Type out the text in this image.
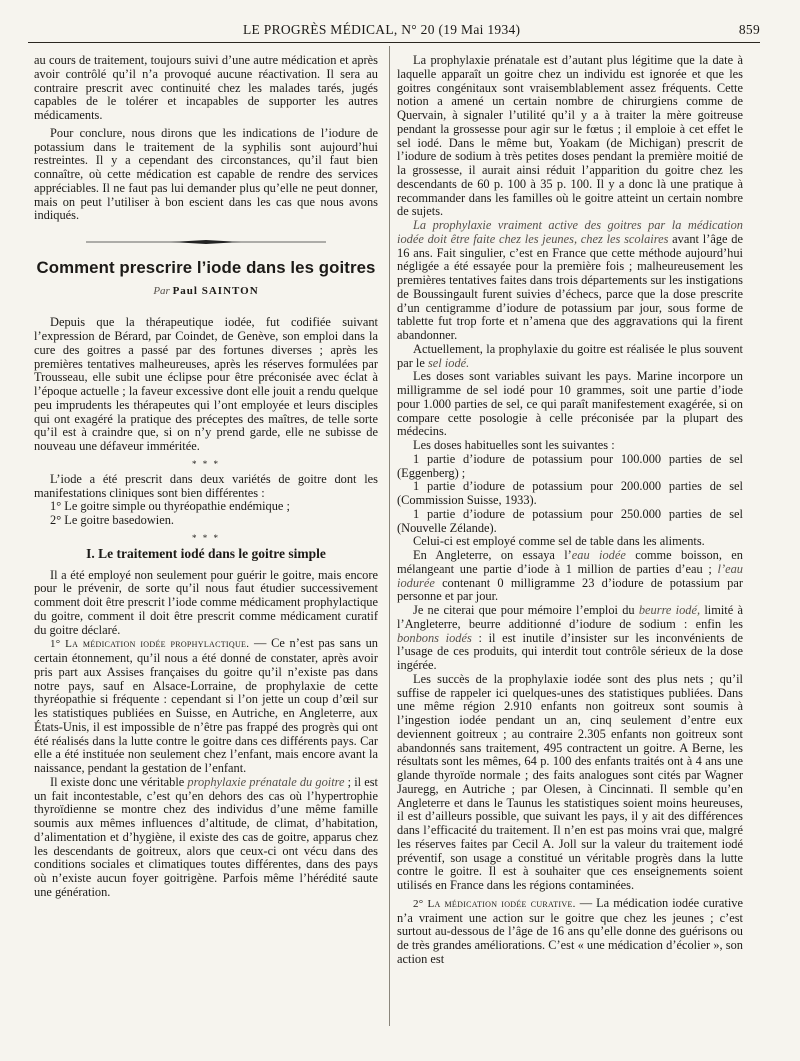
LE PROGRÈS MÉDICAL, N° 20 (19 Mai 1934)	859

au cours de traitement, toujours suivi d’une autre médication et après avoir contrôlé qu’il n’a provoqué aucune réactivation. Il sera au contraire prescrit avec continuité chez les malades tarés, jugés capables de le tolérer et incapables de supporter les autres médicaments.

Pour conclure, nous dirons que les indications de l’iodure de potassium dans le traitement de la syphilis sont aujourd’hui restreintes. Il y a cependant des circonstances, qu’il faut bien connaître, où cette médication est capable de rendre des services appréciables. Il ne faut pas lui demander plus qu’elle ne peut donner, mais on peut l’utiliser à bon escient dans les cas que nous avons indiqués.

Comment prescrire l’iode dans les goitres
Par Paul SAINTON

Depuis que la thérapeutique iodée, fut codifiée suivant l’expression de Bérard, par Coindet, de Genève, son emploi dans la cure des goitres a passé par des fortunes diverses ; après les premières tentatives malheureuses, après les réserves formulées par Trousseau, elle subit une éclipse pour être préconisée avec éclat à l’époque actuelle ; la faveur excessive dont elle jouit a rendu quelque peu imprudents les thérapeutes qui l’ont employée et leurs disciples qui ont exagéré la pratique des préceptes des maîtres, de telle sorte qu’il est à craindre que, si on n’y prend garde, elle ne subisse de nouveau une défaveur imméritée.

* * *

L’iode a été prescrit dans deux variétés de goitre dont les manifestations cliniques sont bien différentes :

1° Le goitre simple ou thyréopathie endémique ;

2° Le goitre basedowien.

* * *
I. Le traitement iodé dans le goitre simple

Il a été employé non seulement pour guérir le goitre, mais encore pour le prévenir, de sorte qu’il nous faut étudier successivement comment doit être prescrit l’iode comme médicament prophylactique du goitre, comment il doit être prescrit comme médicament curatif du goitre déclaré.

1° La médication iodée prophylactique. — Ce n’est pas sans un certain étonnement, qu’il nous a été donné de constater, après avoir pris part aux Assises françaises du goitre qu’il n’existe pas dans notre pays, sauf en Alsace-Lorraine, de prophylaxie de cette thyréopathie si fréquente : cependant si l’on jette un coup d’œil sur les statistiques publiées en Suisse, en Autriche, en Angleterre, aux États-Unis, il est impossible de n’être pas frappé des progrès qui ont été réalisés dans la lutte contre le goitre dans ces différents pays. Car elle a été instituée non seulement chez l’enfant, mais encore avant la naissance, pendant la gestation de l’enfant.

Il existe donc une véritable prophylaxie prénatale du goitre ; il est un fait incontestable, c’est qu’en dehors des cas où l’hypertrophie thyroïdienne se montre chez des individus d’une même famille soumis aux mêmes influences d’altitude, de climat, d’habitation, d’alimentation et d’hygiène, il existe des cas de goitre, apparus chez les descendants de goitreux, alors que ceux-ci ont vécu dans des conditions sociales et climatiques toutes différentes, dans des pays où n’existe aucun foyer goitrigène. Parfois même l’hérédité saute une génération.

La prophylaxie prénatale est d’autant plus légitime que la date à laquelle apparaît un goitre chez un individu est ignorée et que les goitres congénitaux sont vraisemblablement assez fréquents. Cette notion a amené un certain nombre de chirurgiens comme de Quervain, à signaler l’utilité qu’il y a à traiter la mère goitreuse pendant la grossesse pour agir sur le fœtus ; il emploie à cet effet le sel iodé. Dans le même but, Yoakam (de Michigan) prescrit de l’iodure de sodium à très petites doses pendant la première moitié de la grossesse, il aurait ainsi réduit l’apparition du goitre chez les descendants de 60 p. 100 à 35 p. 100. Il y a donc là une pratique à recommander dans les familles où le goitre atteint un certain nombre de sujets.

La prophylaxie vraiment active des goitres par la médication iodée doit être faite chez les jeunes, chez les scolaires avant l’âge de 16 ans. Fait singulier, c’est en France que cette méthode aujourd’hui négligée a été essayée pour la première fois ; malheureusement les premières tentatives faites dans trois départements sur les instigations de Boussingault furent suivies d’échecs, parce que la dose prescrite d’un centigramme d’iodure de potassium par jour, sous forme de tablette fut trop forte et n’amena que des aggravations qui la firent abandonner.

Actuellement, la prophylaxie du goitre est réalisée le plus souvent par le sel iodé.

Les doses sont variables suivant les pays. Marine incorpore un milligramme de sel iodé pour 10 grammes, soit une partie d’iode pour 1.000 parties de sel, ce qui paraît manifestement exagérée, si on compare cette posologie à celle préconisée par la plupart des médecins.

Les doses habituelles sont les suivantes :

1 partie d’iodure de potassium pour 100.000 parties de sel (Eggenberg) ;

1 partie d’iodure de potassium pour 200.000 parties de sel (Commission Suisse, 1933).

1 partie d’iodure de potassium pour 250.000 parties de sel (Nouvelle Zélande).

Celui-ci est employé comme sel de table dans les aliments.

En Angleterre, on essaya l’eau iodée comme boisson, en mélangeant une partie d’iode à 1 million de parties d’eau ; l’eau iodurée contenant 0 milligramme 23 d’iodure de potassium par personne et par jour.

Je ne citerai que pour mémoire l’emploi du beurre iodé, limité à l’Angleterre, beurre additionné d’iodure de sodium : enfin les bonbons iodés : il est inutile d’insister sur les inconvénients de l’usage de ces produits, qui interdit tout contrôle sérieux de la dose ingérée.

Les succès de la prophylaxie iodée sont des plus nets ; qu’il suffise de rappeler ici quelques-unes des statistiques publiées. Dans une même région 2.910 enfants non goitreux sont soumis à l’ingestion iodée pendant un an, cinq seulement d’entre eux deviennent goitreux ; au contraire 2.305 enfants non goitreux sont abandonnés sans traitement, 495 contractent un goitre. A Berne, les résultats sont les mêmes, 64 p. 100 des enfants traités ont à 4 ans une glande thyroïde normale ; des faits analogues sont cités par Wagner Jauregg, en Autriche ; par Olesen, à Cincinnati. Il semble qu’en Angleterre et dans le Taunus les statistiques soient moins heureuses, il est d’ailleurs possible, que suivant les pays, il y ait des différences dans l’efficacité du traitement. Il n’en est pas moins vrai que, malgré les réserves faites par Cecil A. Joll sur la valeur du traitement iodé préventif, son usage a constitué un véritable progrès dans la lutte contre le goitre. Il est à souhaiter que ces enseignements soient utilisés en France dans les régions contaminées.

2° La médication iodée curative. — La médication iodée curative n’a vraiment une action sur le goitre que chez les jeunes ; c’est surtout au-dessous de l’âge de 16 ans qu’elle donne des guérisons ou de très grandes améliorations. C’est « une médication d’écolier », son action est
